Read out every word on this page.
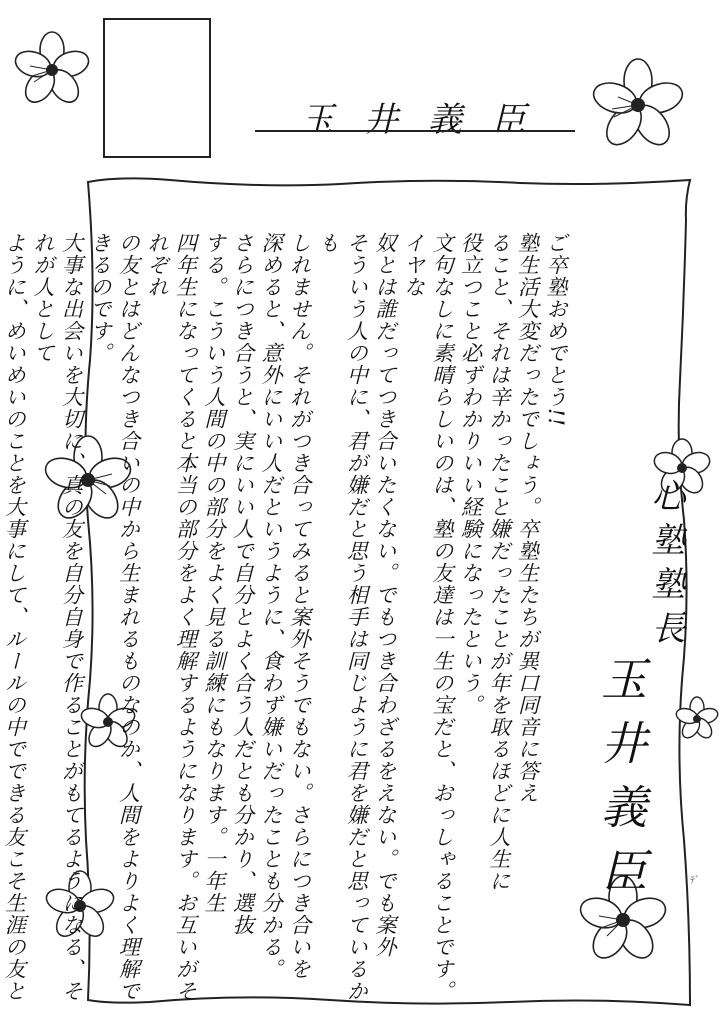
玉井義臣

ご卒塾おめでとう!!

塾生活大変だったでしょう。卒塾生たちが異口同音に答え

ること、それは辛かったこと嫌だったことが年を取るほどに人生に

役立つこと必ずわかりいい経験になったという。

文句なしに素晴らしいのは、塾の友達は一生の宝だと、おっしゃることです。イヤな

奴とは誰だってつき合いたくない。でもつき合わざるをえない。でも案外

そういう人の中に、君が嫌だと思う相手は同じように君を嫌だと思っているかも

しれません。それがつき合ってみると案外そうでもない。さらにつき合いを

深めると、意外にいい人だというように、食わず嫌いだったことも分かる。

さらにつき合うと、実にいい人で自分とよく合う人だとも分かり、選抜

する。こういう人間の中の部分をよく見る訓練にもなります。一年生

四年生になってくると本当の部分をよく理解するようになります。お互いがそれぞれ

の友とはどんなつき合いの中から生まれるものなのか、人間をよりよく理解できるのです。

大事な出会いを大切に、真の友を自分自身で作ることがもてるようになる、それが人として

ように、めいめいのことを大事にして、ルールの中でできる友こそ生涯の友と

心塾塾長

玉井義臣	ﾃﾞ
